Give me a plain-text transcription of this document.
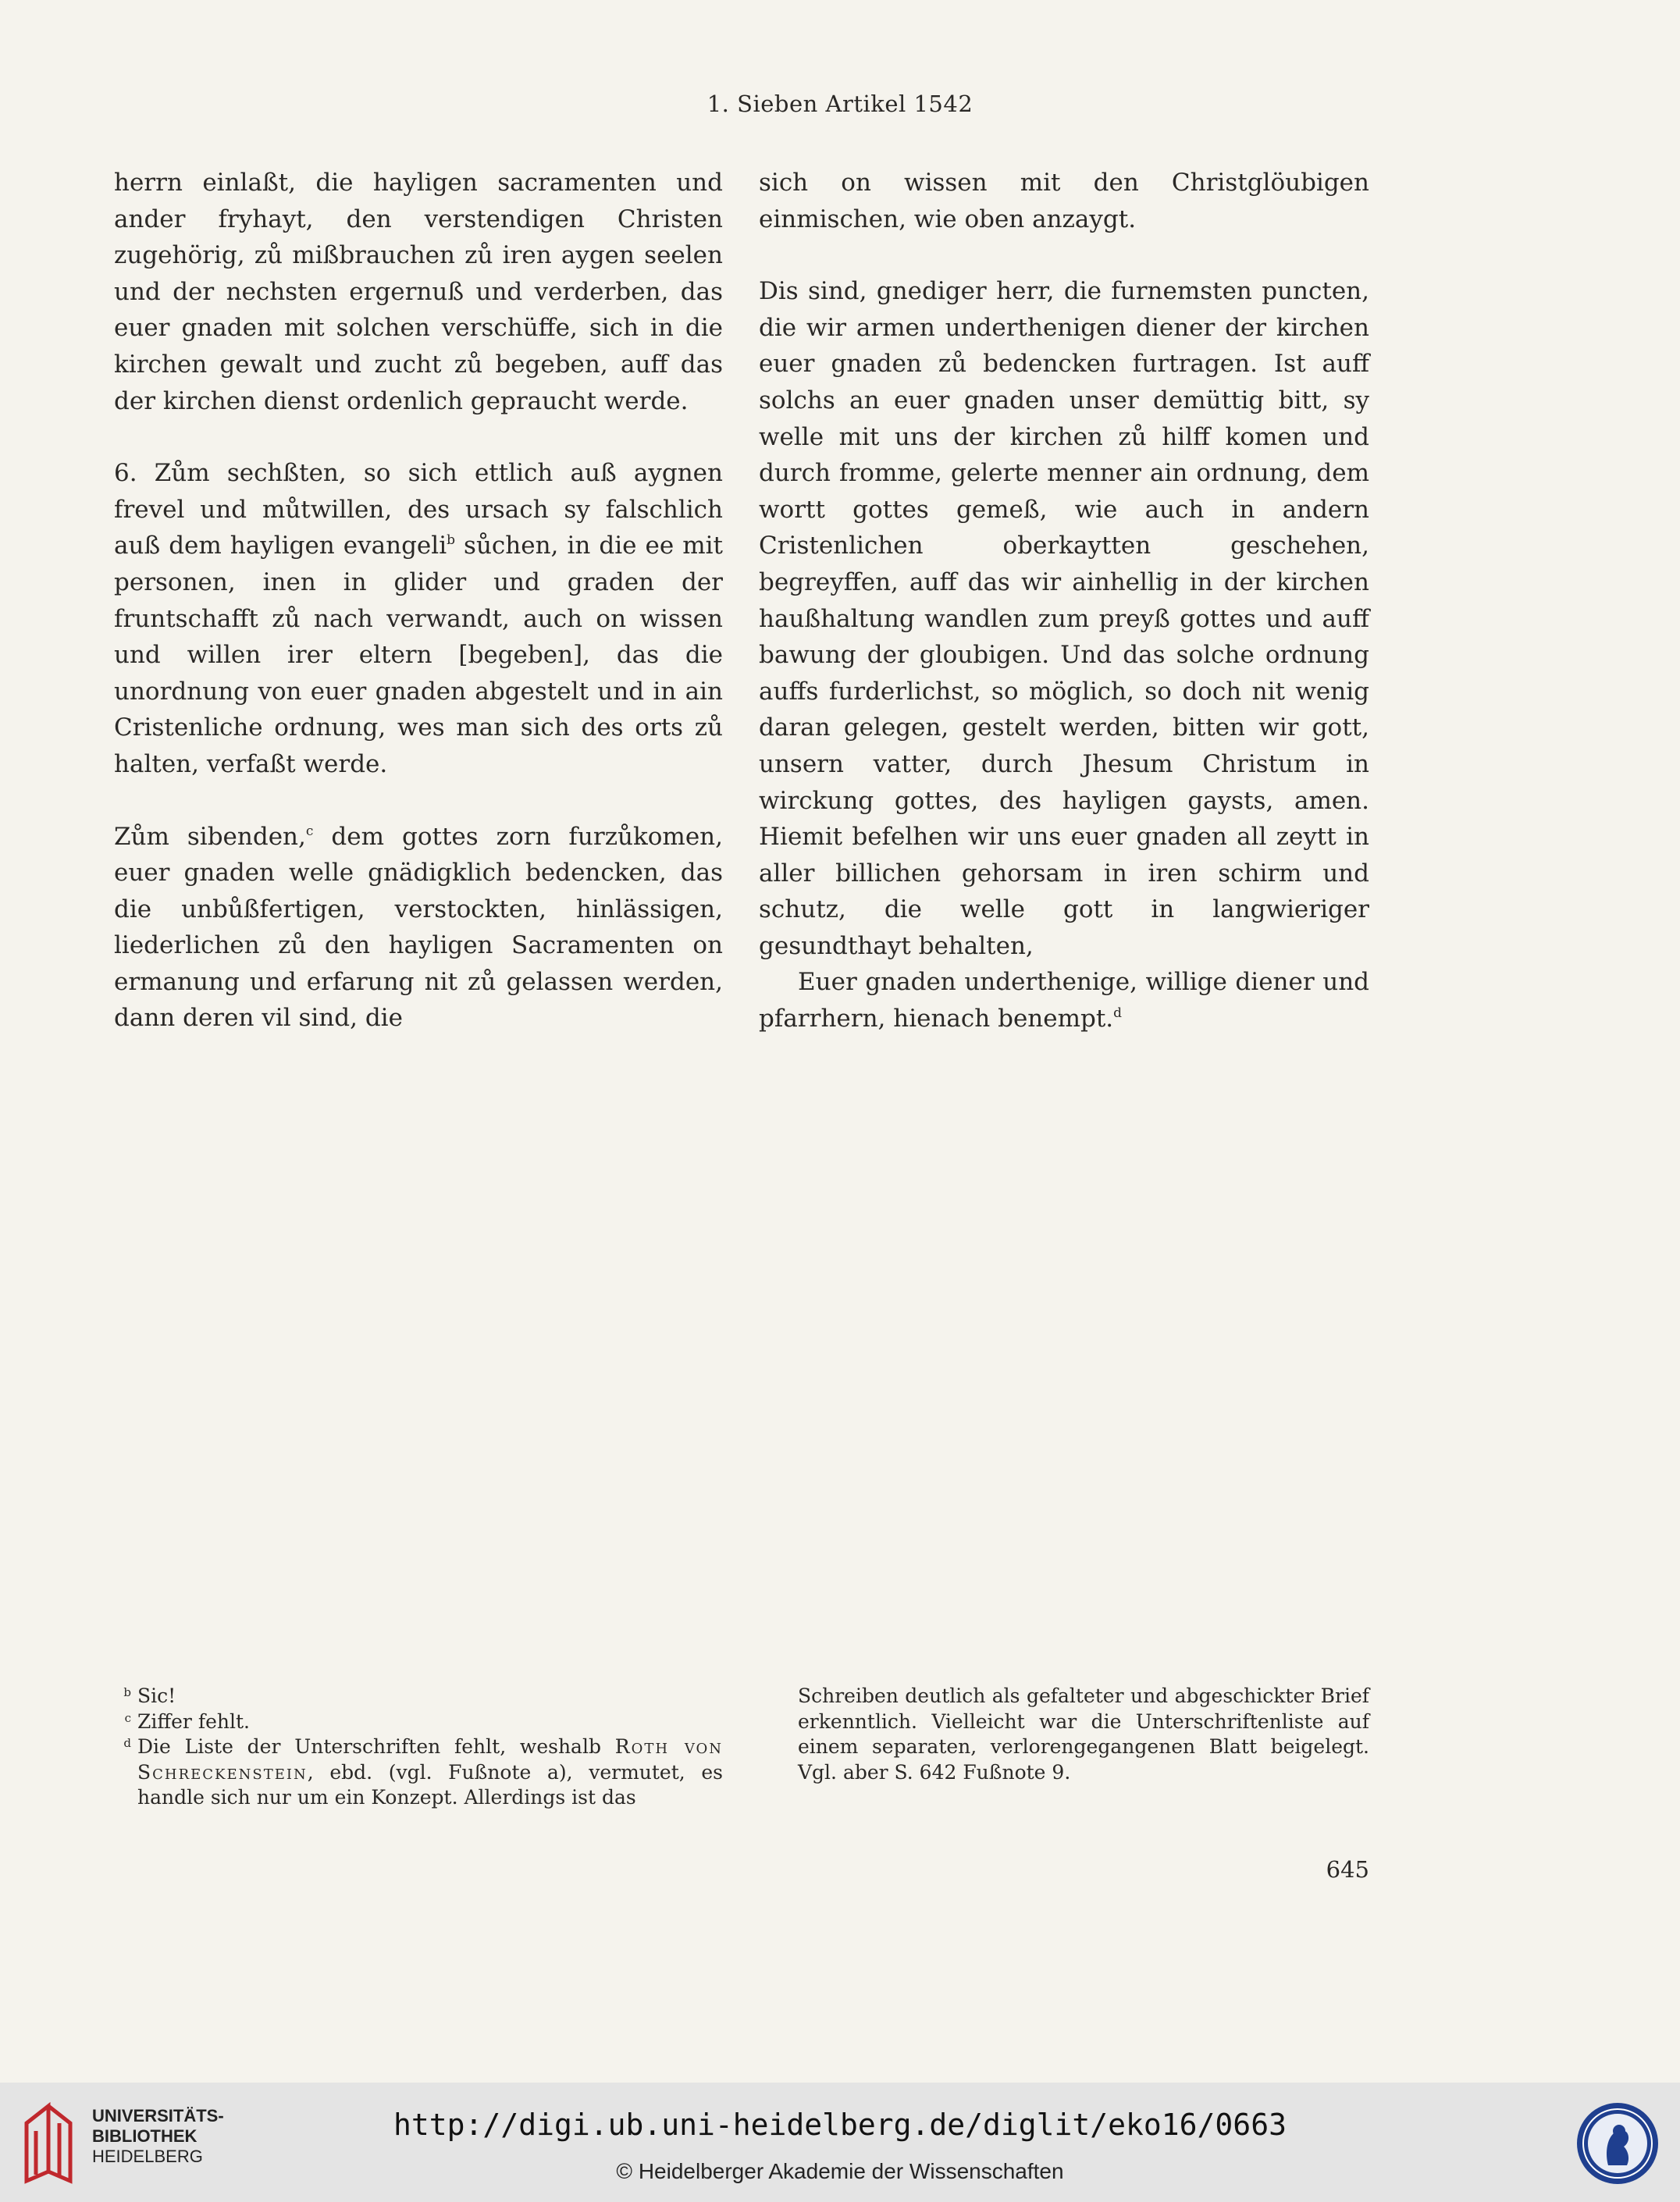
1. Sieben Artikel 1542

herrn einlaßt, die hayligen sacramenten und ander fryhayt, den verstendigen Christen zugehörig, zů mißbrauchen zů iren aygen seelen und der nechsten ergernuß und verderben, das euer gnaden mit solchen verschüffe, sich in die kirchen gewalt und zucht zů begeben, auff das der kirchen dienst ordenlich gepraucht werde.

6. Zům sechßten, so sich ettlich auß aygnen frevel und můtwillen, des ursach sy falschlich auß dem hayligen evangeli$^b$ sůchen, in die ee mit personen, inen in glider und graden der fruntschafft zů nach verwandt, auch on wissen und willen irer eltern [begeben], das die unordnung von euer gnaden abgestelt und in ain Cristenliche ordnung, wes man sich des orts zů halten, verfaßt werde.

Zům sibenden,$^c$ dem gottes zorn furzůkomen, euer gnaden welle gnädigklich bedencken, das die unbůßfertigen, verstockten, hinlässigen, liederlichen zů den hayligen Sacramenten on ermanung und erfarung nit zů gelassen werden, dann deren vil sind, die

sich on wissen mit den Christglöubigen einmischen, wie oben anzaygt.

Dis sind, gnediger herr, die furnemsten puncten, die wir armen underthenigen diener der kirchen euer gnaden zů bedencken furtragen. Ist auff solchs an euer gnaden unser demüttig bitt, sy welle mit uns der kirchen zů hilff komen und durch fromme, gelerte menner ain ordnung, dem wortt gottes gemeß, wie auch in andern Cristenlichen oberkaytten geschehen, begreyffen, auff das wir ainhellig in der kirchen haußhaltung wandlen zum preyß gottes und auff bawung der gloubigen. Und das solche ordnung auffs furderlichst, so möglich, so doch nit wenig daran gelegen, gestelt werden, bitten wir gott, unsern vatter, durch Jhesum Christum in wirckung gottes, des hayligen gaysts, amen. Hiemit befelhen wir uns euer gnaden all zeytt in aller billichen gehorsam in iren schirm und schutz, die welle gott in langwieriger gesundthayt behalten,

Euer gnaden underthenige, willige diener und pfarrhern, hienach benempt.$^d$

b Sic!
c Ziffer fehlt.
d Die Liste der Unterschriften fehlt, weshalb Roth von Schreckenstein, ebd. (vgl. Fußnote a), vermutet, es handle sich nur um ein Konzept. Allerdings ist das
Schreiben deutlich als gefalteter und abgeschickter Brief erkenntlich. Vielleicht war die Unterschriftenliste auf einem separaten, verlorengegangenen Blatt beigelegt. Vgl. aber S. 642 Fußnote 9.
645
UNIVERSITÄTS-
BIBLIOTHEK
HEIDELBERG
http://digi.ub.uni-heidelberg.de/diglit/eko16/0663
© Heidelberger Akademie der Wissenschaften
